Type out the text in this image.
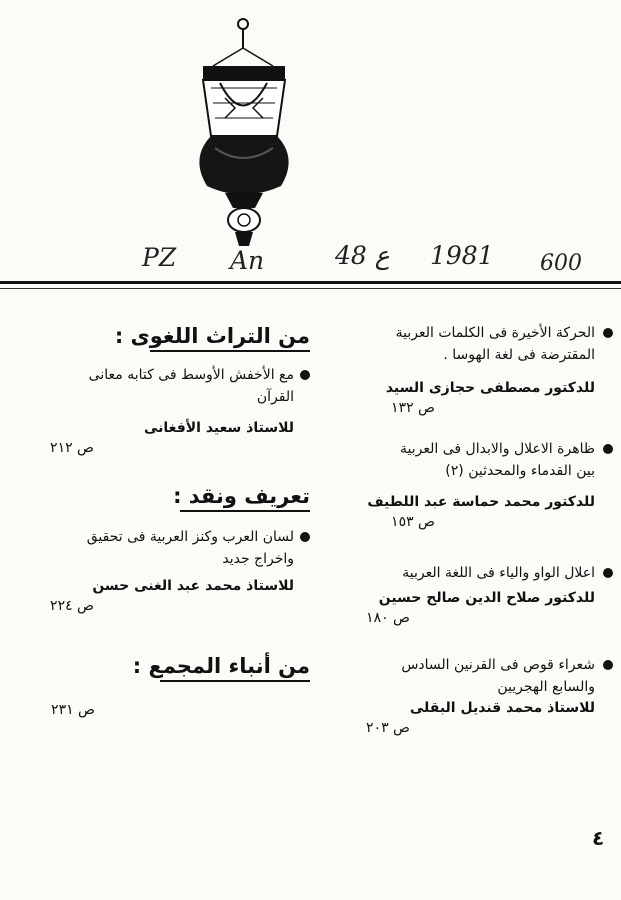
PZ An	48 ع 1981 600
الحركة الأخيرة فى الكلمات العربية
المقترضة فى لغة الهوسا .
للدكتور مصطفى حجازى السيد
ص ١٣٢
ظاهرة الاعلال والابدال فى العربية
بين القدماء والمحدثين (٢)
للدكتور محمد حماسة عبد اللطيف
ص ١٥٣
اعلال الواو والياء فى اللغة العربية
للدكتور صلاح الدين صالح حسين
ص ١٨٠
شعراء قوص فى القرنين السادس
والسابع الهجريين
للاستاذ محمد قنديل البقلى
ص ٢٠٣
من التراث اللغوى :
مع الأخفش الأوسط فى كتابه معانى
القرآن
للاستاذ سعيد الأفغانى
ص ٢١٢
تعريف ونقد :
لسان العرب وكنز العربية فى تحقيق
واخراج جديد
للاستاذ محمد عبد الغنى حسن
ص ٢٢٤
من أنباء المجمع :
ص ٢٣١
٤
